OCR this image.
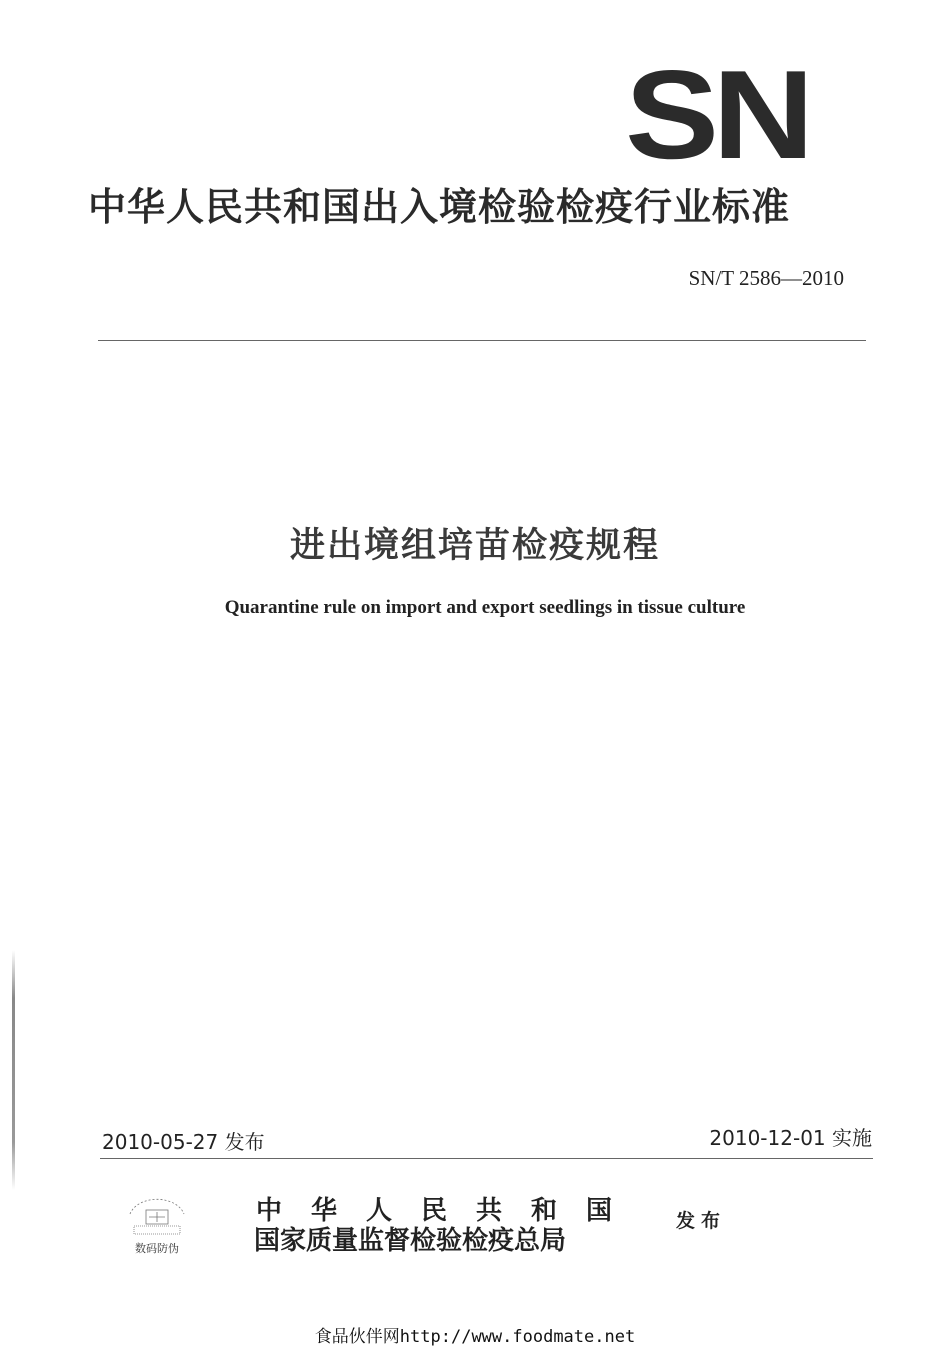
SN
中华人民共和国出入境检验检疫行业标准
SN/T 2586—2010
进出境组培苗检疫规程
Quarantine rule on import and export seedlings in tissue culture
2010-05-27 发布	2010-12-01 实施
数码防伪
中华人民共和国
国家质量监督检验检疫总局
发布
食品伙伴网http://www.foodmate.net
